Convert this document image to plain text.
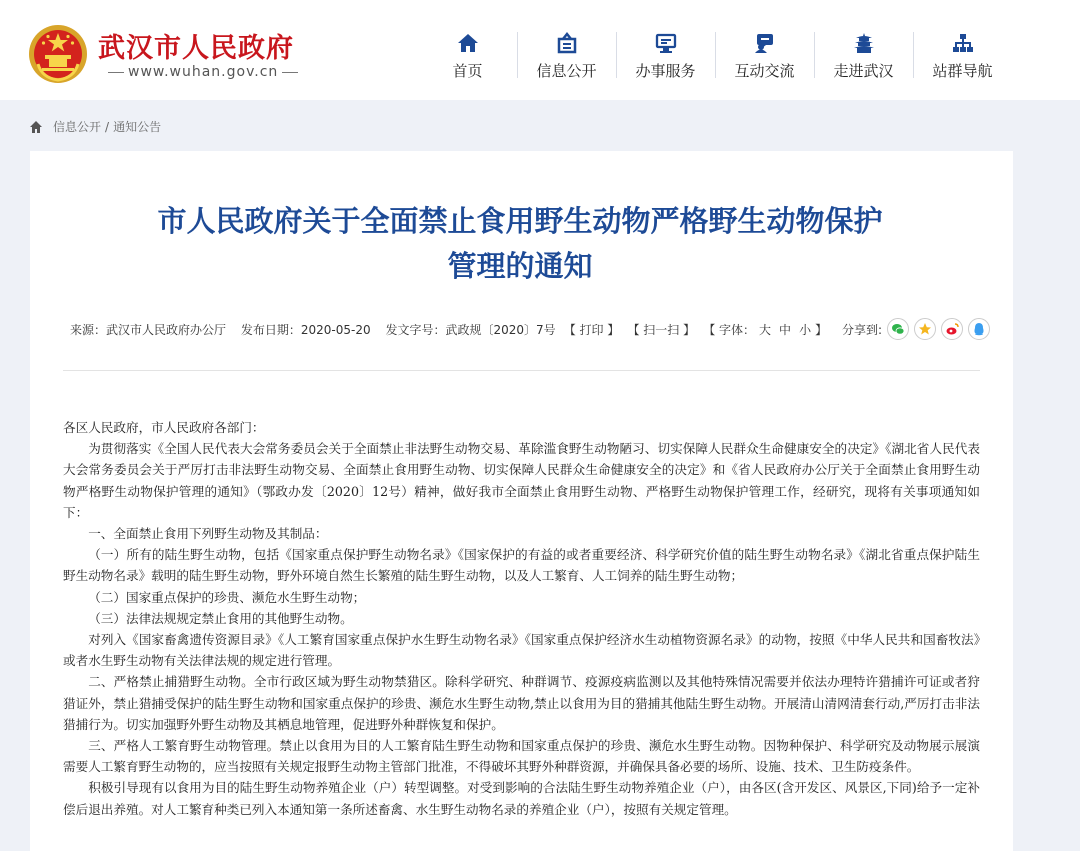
武汉市人民政府
www.wuhan.gov.cn	首页	信息公开	办事服务	互动交流	走进武汉	站群导航
信息公开 / 通知公告
市人民政府关于全面禁止食用野生动物严格野生动物保护
管理的通知
来源：武汉市人民政府办公厅 发布日期：2020-05-20 发文字号：武政规〔2020〕7号 【 打印 】 【 扫一扫 】 【 字体： 大 中 小 】 分享到:

各区人民政府，市人民政府各部门：

为贯彻落实《全国人民代表大会常务委员会关于全面禁止非法野生动物交易、革除滥食野生动物陋习、切实保障人民群众生命健康安全的决定》《湖北省人民代表大会常务委员会关于严厉打击非法野生动物交易、全面禁止食用野生动物、切实保障人民群众生命健康安全的决定》和《省人民政府办公厅关于全面禁止食用野生动物严格野生动物保护管理的通知》（鄂政办发〔2020〕12号）精神，做好我市全面禁止食用野生动物、严格野生动物保护管理工作，经研究，现将有关事项通知如下：

一、全面禁止食用下列野生动物及其制品：

（一）所有的陆生野生动物，包括《国家重点保护野生动物名录》《国家保护的有益的或者重要经济、科学研究价值的陆生野生动物名录》《湖北省重点保护陆生野生动物名录》载明的陆生野生动物，野外环境自然生长繁殖的陆生野生动物，以及人工繁育、人工饲养的陆生野生动物；

（二）国家重点保护的珍贵、濒危水生野生动物；

（三）法律法规规定禁止食用的其他野生动物。

对列入《国家畜禽遗传资源目录》《人工繁育国家重点保护水生野生动物名录》《国家重点保护经济水生动植物资源名录》的动物，按照《中华人民共和国畜牧法》或者水生野生动物有关法律法规的规定进行管理。

二、严格禁止捕猎野生动物。全市行政区域为野生动物禁猎区。除科学研究、种群调节、疫源疫病监测以及其他特殊情况需要并依法办理特许猎捕许可证或者狩猎证外，禁止猎捕受保护的陆生野生动物和国家重点保护的珍贵、濒危水生野生动物,禁止以食用为目的猎捕其他陆生野生动物。开展清山清网清套行动,严厉打击非法猎捕行为。切实加强野外野生动物及其栖息地管理，促进野外种群恢复和保护。

三、严格人工繁育野生动物管理。禁止以食用为目的人工繁育陆生野生动物和国家重点保护的珍贵、濒危水生野生动物。因物种保护、科学研究及动物展示展演需要人工繁育野生动物的，应当按照有关规定报野生动物主管部门批准，不得破坏其野外种群资源，并确保具备必要的场所、设施、技术、卫生防疫条件。

积极引导现有以食用为目的陆生野生动物养殖企业（户）转型调整。对受到影响的合法陆生野生动物养殖企业（户），由各区(含开发区、风景区,下同)给予一定补偿后退出养殖。对人工繁育种类已列入本通知第一条所述畜禽、水生野生动物名录的养殖企业（户），按照有关规定管理。
